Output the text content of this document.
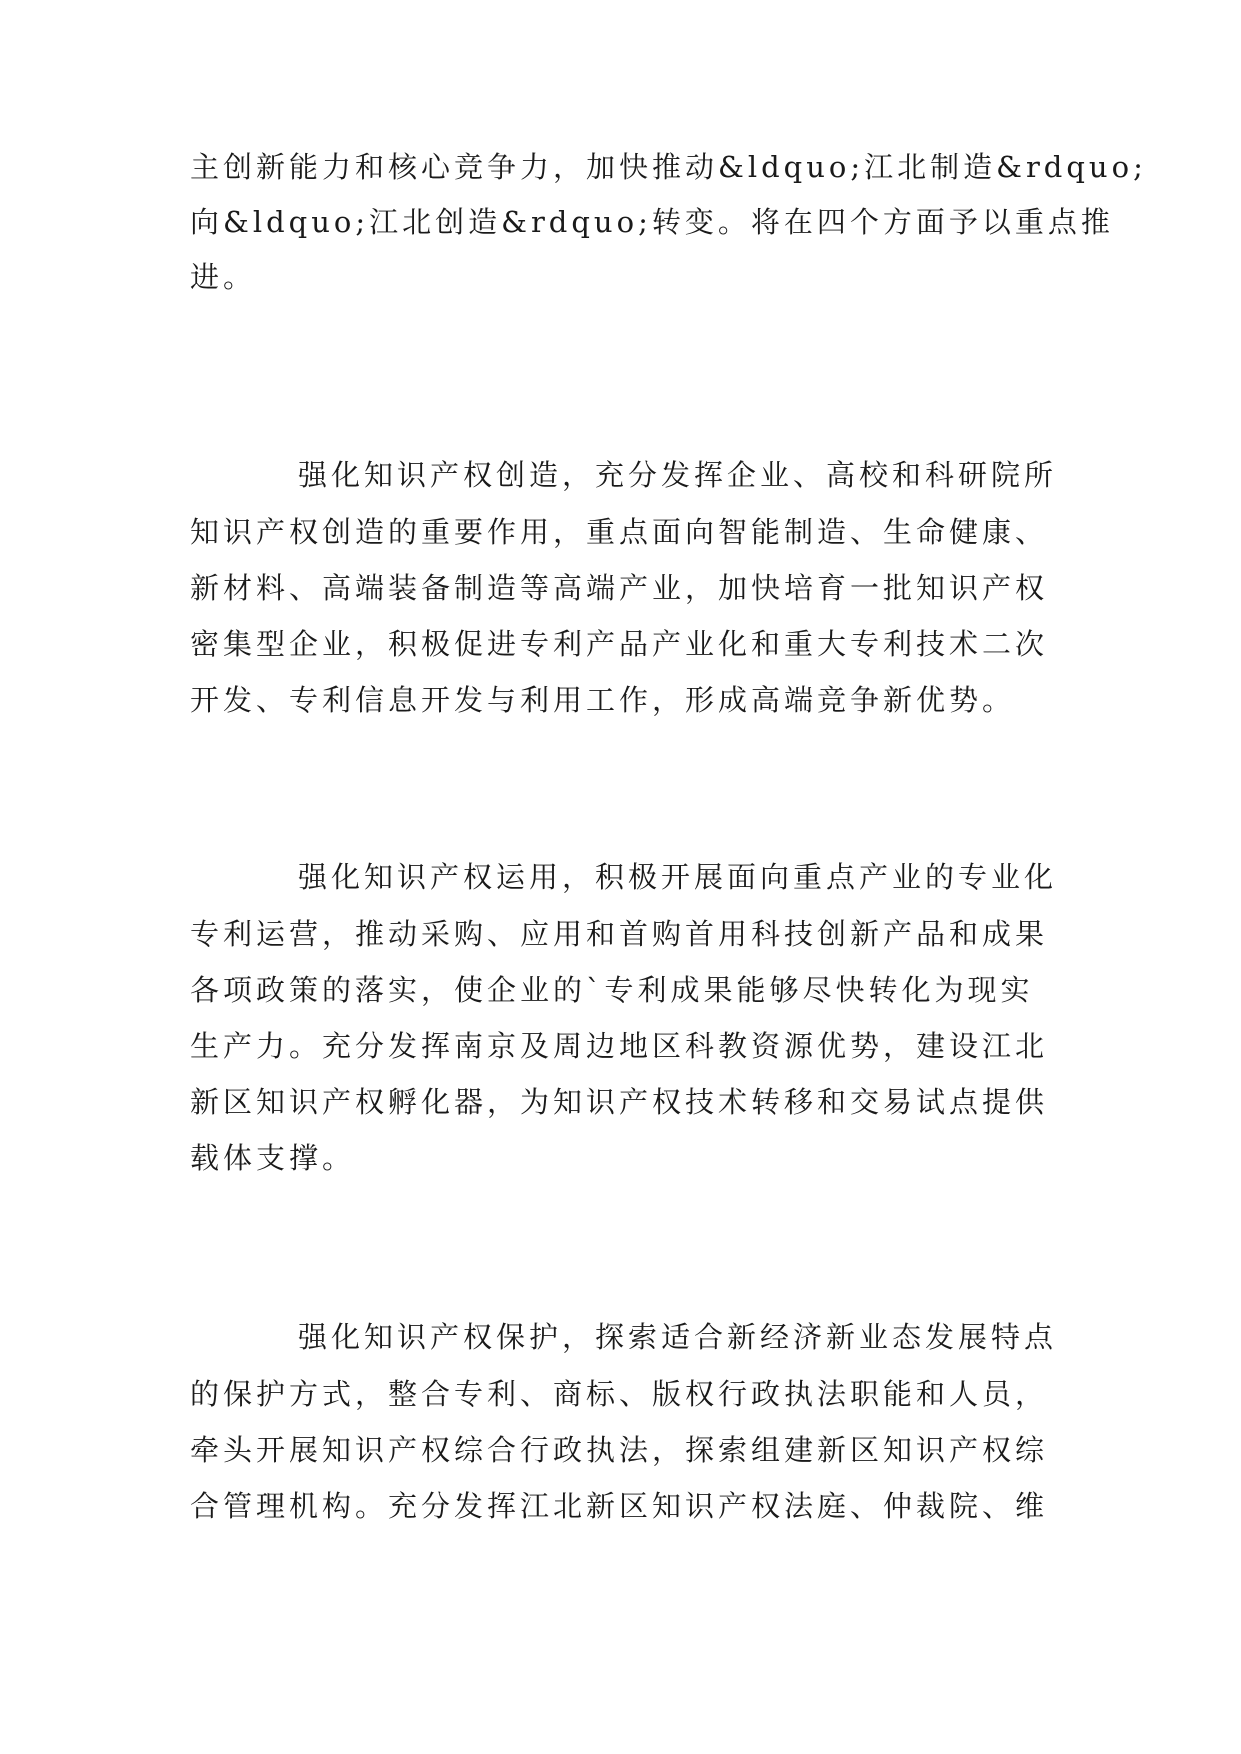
主创新能力和核心竞争力，加快推动&ldquo;江北制造&rdquo;
向&ldquo;江北创造&rdquo;转变。将在四个方面予以重点推
进。
强化知识产权创造，充分发挥企业、高校和科研院所
知识产权创造的重要作用，重点面向智能制造、生命健康、
新材料、高端装备制造等高端产业，加快培育一批知识产权
密集型企业，积极促进专利产品产业化和重大专利技术二次
开发、专利信息开发与利用工作，形成高端竞争新优势。
强化知识产权运用，积极开展面向重点产业的专业化
专利运营，推动采购、应用和首购首用科技创新产品和成果
各项政策的落实，使企业的`专利成果能够尽快转化为现实
生产力。充分发挥南京及周边地区科教资源优势，建设江北
新区知识产权孵化器，为知识产权技术转移和交易试点提供
载体支撑。
强化知识产权保护，探索适合新经济新业态发展特点
的保护方式，整合专利、商标、版权行政执法职能和人员，
牵头开展知识产权综合行政执法，探索组建新区知识产权综
合管理机构。充分发挥江北新区知识产权法庭、仲裁院、维
